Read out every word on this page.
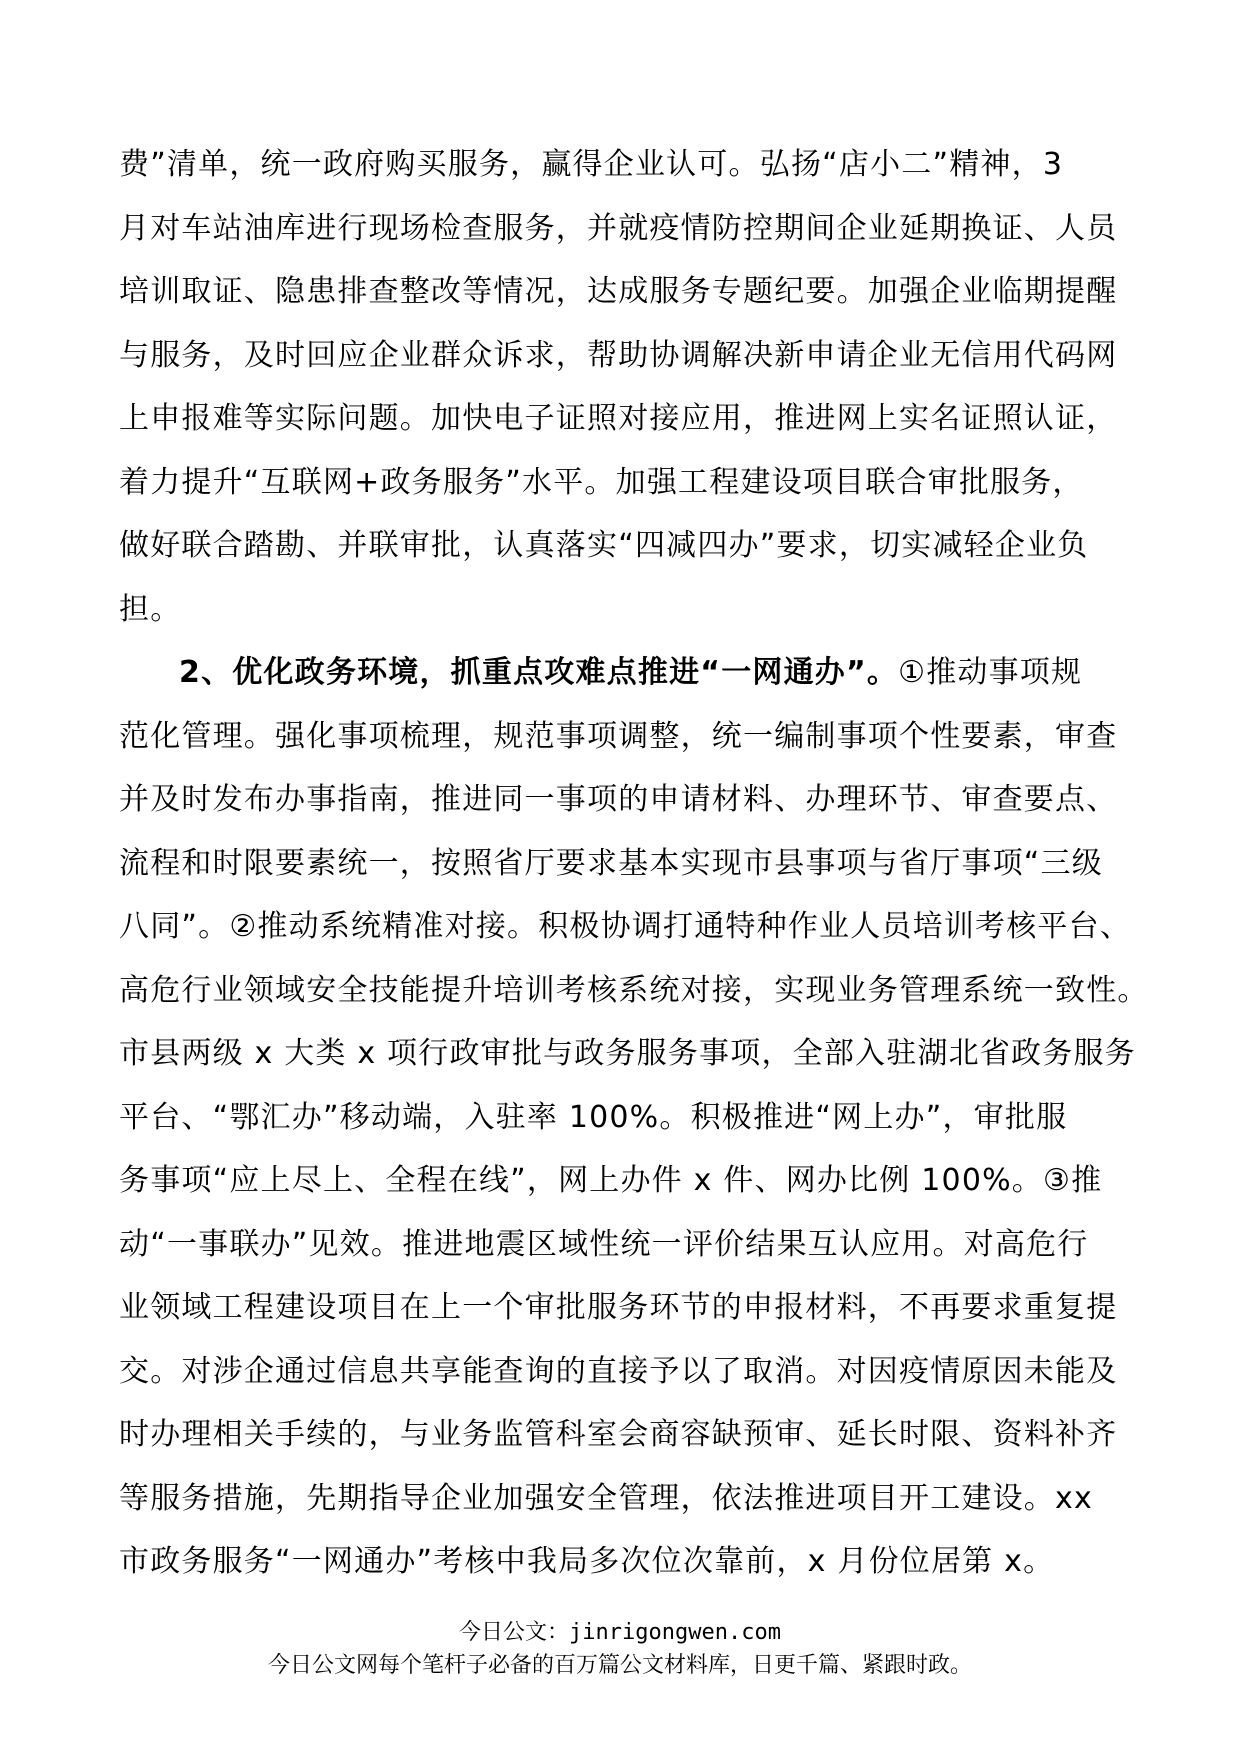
费”清单，统一政府购买服务，赢得企业认可。弘扬“店小二”精神，3
月对车站油库进行现场检查服务，并就疫情防控期间企业延期换证、人员
培训取证、隐患排查整改等情况，达成服务专题纪要。加强企业临期提醒
与服务，及时回应企业群众诉求，帮助协调解决新申请企业无信用代码网
上申报难等实际问题。加快电子证照对接应用，推进网上实名证照认证，
着力提升“互联网+政务服务”水平。加强工程建设项目联合审批服务，
做好联合踏勘、并联审批，认真落实“四减四办”要求，切实减轻企业负
担。
2、优化政务环境，抓重点攻难点推进“一网通办”。①推动事项规
范化管理。强化事项梳理，规范事项调整，统一编制事项个性要素，审查
并及时发布办事指南，推进同一事项的申请材料、办理环节、审查要点、
流程和时限要素统一，按照省厅要求基本实现市县事项与省厅事项“三级
八同”。②推动系统精准对接。积极协调打通特种作业人员培训考核平台、
高危行业领域安全技能提升培训考核系统对接，实现业务管理系统一致性。
市县两级 x 大类 x 项行政审批与政务服务事项，全部入驻湖北省政务服务
平台、“鄂汇办”移动端，入驻率 100%。积极推进“网上办”，审批服
务事项“应上尽上、全程在线”，网上办件 x 件、网办比例 100%。③推
动“一事联办”见效。推进地震区域性统一评价结果互认应用。对高危行
业领域工程建设项目在上一个审批服务环节的申报材料，不再要求重复提
交。对涉企通过信息共享能查询的直接予以了取消。对因疫情原因未能及
时办理相关手续的，与业务监管科室会商容缺预审、延长时限、资料补齐
等服务措施，先期指导企业加强安全管理，依法推进项目开工建设。xx
市政务服务“一网通办”考核中我局多次位次靠前，x 月份位居第 x。
今日公文：jinrigongwen.com
今日公文网每个笔杆子必备的百万篇公文材料库，日更千篇、紧跟时政。
